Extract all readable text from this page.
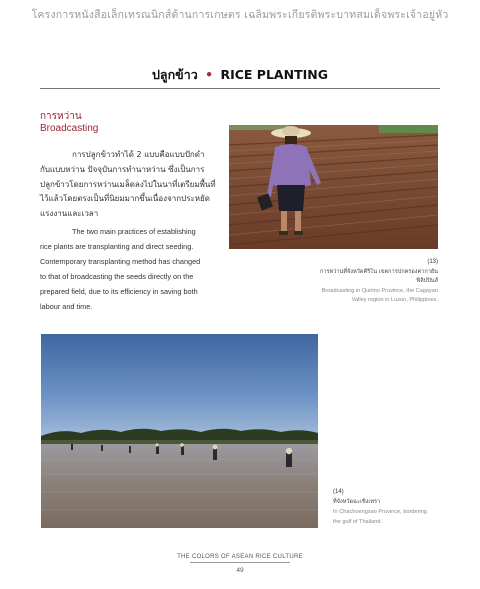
โครงการหนังสือเล็กเทรณนิกส์ด้านการเกษตร เฉลิมพระเกียรติพระบาทสมเด็จพระเจ้าอยู่หัว
ปลูกข้าว • RICE PLANTING
การหว่าน
Broadcasting

การปลูกข้าวทำได้ 2 แบบคือแบบปักดำ

กับแบบหว่าน ปัจจุบันการทำนาหว่าน ซึ่งเป็นการ

ปลูกข้าวโดยการหว่านเมล็ดลงไปในนาที่เตรียมพื้นที่

ไว้แล้วโดยตรงเป็นที่นิยมมากขึ้นเนื่องจากประหยัด

แรงงานและเวลา

The two main practices of establishing
rice plants are transplanting and direct seeding.
Contemporary transplanting method has changed
to that of broadcasting the seeds directly on the
prepared field, due to its efficiency in saving both
labour and time.
(13)
การหว่านที่จังหวัดคีริโน เขตการปกครองคากายัน
ฟิลิปปินส์
Broadcasting in Quirino Province, the Cagayan
Valley region in Luzon, Philippines.
(14)
ที่จังหวัดฉะเชิงเทรา
In Chachoengsao Province, bordering
the gulf of Thailand.
THE COLORS OF ASEAN RICE CULTURE
49
